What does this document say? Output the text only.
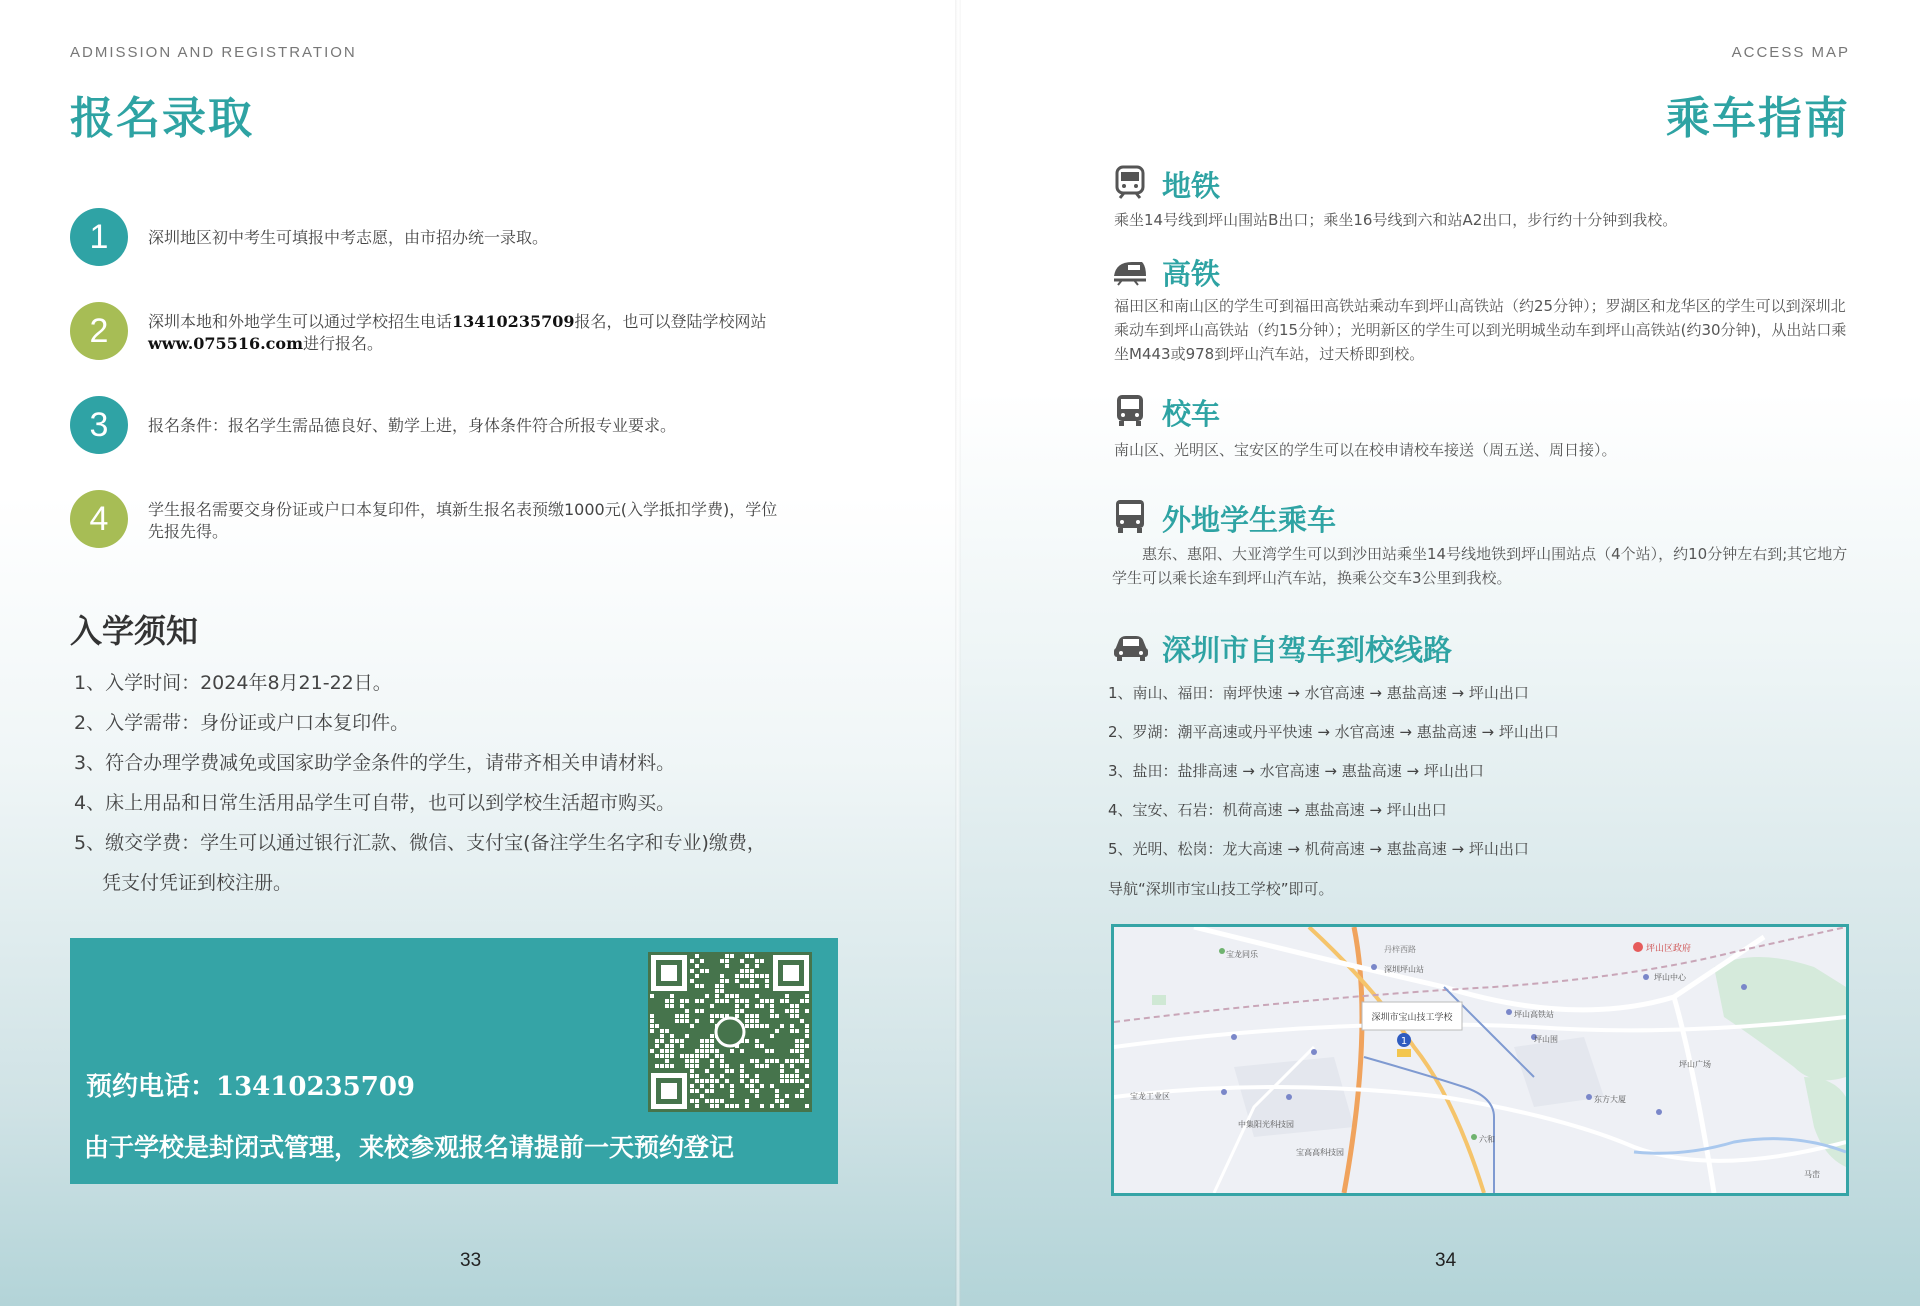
ADMISSION AND REGISTRATION
报名录取
1	深圳地区初中考生可填报中考志愿，由市招办统一录取。
2	深圳本地和外地学生可以通过学校招生电话13410235709报名，也可以登陆学校网站
www.075516.com进行报名。
3	报名条件：报名学生需品德良好、勤学上进，身体条件符合所报专业要求。
4	学生报名需要交身份证或户口本复印件，填新生报名表预缴1000元(入学抵扣学费)，学位先报先得。
入学须知
1、入学时间：2024年8月21-22日。
2、入学需带：身份证或户口本复印件。
3、符合办理学费减免或国家助学金条件的学生，请带齐相关申请材料。
4、床上用品和日常生活用品学生可自带，也可以到学校生活超市购买。
5、缴交学费：学生可以通过银行汇款、微信、支付宝(备注学生名字和专业)缴费，
凭支付凭证到校注册。
预约电话：13410235709
由于学校是封闭式管理，来校参观报名请提前一天预约登记
33
ACCESS MAP
乘车指南
地铁
乘坐14号线到坪山围站B出口；乘坐16号线到六和站A2出口，步行约十分钟到我校。
高铁
福田区和南山区的学生可到福田高铁站乘动车到坪山高铁站（约25分钟）；罗湖区和龙华区的学生可以到深圳北乘动车到坪山高铁站（约15分钟）；光明新区的学生可以到光明城坐动车到坪山高铁站(约30分钟)，从出站口乘坐M443或978到坪山汽车站，过天桥即到校。
校车
南山区、光明区、宝安区的学生可以在校申请校车接送（周五送、周日接）。
外地学生乘车
惠东、惠阳、大亚湾学生可以到沙田站乘坐14号线地铁到坪山围站点（4个站），约10分钟左右到;其它地方学生可以乘长途车到坪山汽车站，换乘公交车3公里到我校。
深圳市自驾车到校线路
1、南山、福田：南坪快速 → 水官高速 → 惠盐高速 → 坪山出口
2、罗湖：潮平高速或丹平快速 → 水官高速 → 惠盐高速 → 坪山出口
3、盐田：盐排高速 → 水官高速 → 惠盐高速 → 坪山出口
4、宝安、石岩：机荷高速 → 惠盐高速 → 坪山出口
5、光明、松岗：龙大高速 → 机荷高速 → 惠盐高速 → 坪山出口
导航“深圳市宝山技工学校”即可。
深圳市宝山技工学校
1
坪山区政府
坪山中心
丹梓西路
坪山广场
宝龙同乐
深圳坪山站
坪山高铁站
六和
坪山围
东方大厦
宝龙工业区
中集阳光科技园
宝高高科技园
马峦
34
